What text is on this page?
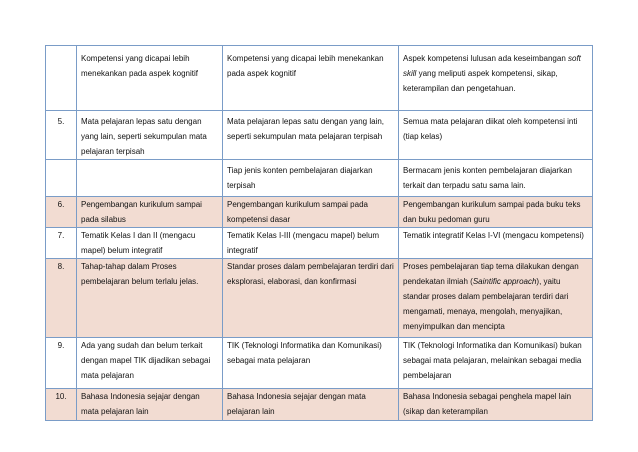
	Kompetensi yang dicapai lebih menekankan pada aspek kognitif	Kompetensi yang dicapai lebih menekankan pada aspek kognitif	Aspek kompetensi lulusan ada keseimbangan soft skill yang meliputi aspek kompetensi, sikap, keterampilan dan pengetahuan.
5.	Mata pelajaran lepas satu dengan yang lain, seperti sekumpulan mata pelajaran terpisah	Mata pelajaran lepas satu dengan yang lain, seperti sekumpulan mata pelajaran terpisah	Semua mata pelajaran diikat oleh kompetensi inti (tiap kelas)
		Tiap jenis konten pembelajaran diajarkan terpisah	Bermacam jenis konten pembelajaran diajarkan terkait dan terpadu satu sama lain.
6.	Pengembangan kurikulum sampai pada silabus	Pengembangan kurikulum sampai pada kompetensi dasar	Pengembangan kurikulum sampai pada buku teks dan buku pedoman guru
7.	Tematik Kelas I dan II (mengacu mapel) belum integratif	Tematik Kelas I-III (mengacu mapel) belum integratif	Tematik integratif Kelas I-VI (mengacu kompetensi)
8.	Tahap-tahap dalam Proses pembelajaran belum terlalu jelas.	Standar proses dalam pembelajaran terdiri dari eksplorasi, elaborasi, dan konfirmasi	Proses pembelajaran tiap tema dilakukan dengan pendekatan ilmiah (Saintific approach), yaitu standar proses dalam pembelajaran terdiri dari mengamati, menaya, mengolah, menyajikan, menyimpulkan dan mencipta
9.	Ada yang sudah dan belum terkait dengan mapel TIK dijadikan sebagai mata pelajaran	TIK (Teknologi Informatika dan Komunikasi) sebagai mata pelajaran	TIK (Teknologi Informatika dan Komunikasi) bukan sebagai mata pelajaran, melainkan sebagai media pembelajaran
10.	Bahasa Indonesia sejajar dengan mata pelajaran lain	Bahasa Indonesia sejajar dengan mata pelajaran lain	Bahasa Indonesia sebagai penghela mapel lain (sikap dan keterampilan
